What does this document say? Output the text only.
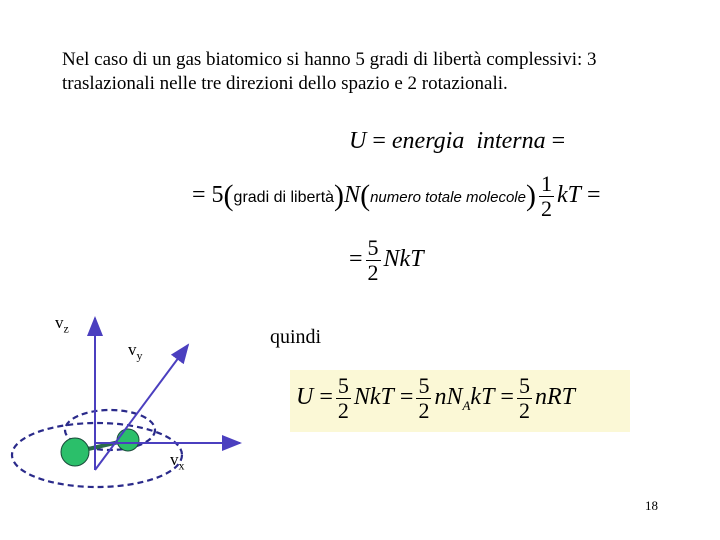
Nel caso di un gas biatomico si hanno 5 gradi di libertà complessivi: 3 traslazionali nelle tre direzioni dello spazio e 2 rotazionali.

U = energia interna =
= 5(gradi di libertà)N(numero totale molecole) $\frac{1}{2}$ kT =
= $\frac{5}{2}$ NkT
$v_z$
$v_y$
$v_x$
quindi
$U = \frac{5}{2}$ NkT = $\frac{5}{2} nN_AkT = \frac{5}{2}$ nRT
18
